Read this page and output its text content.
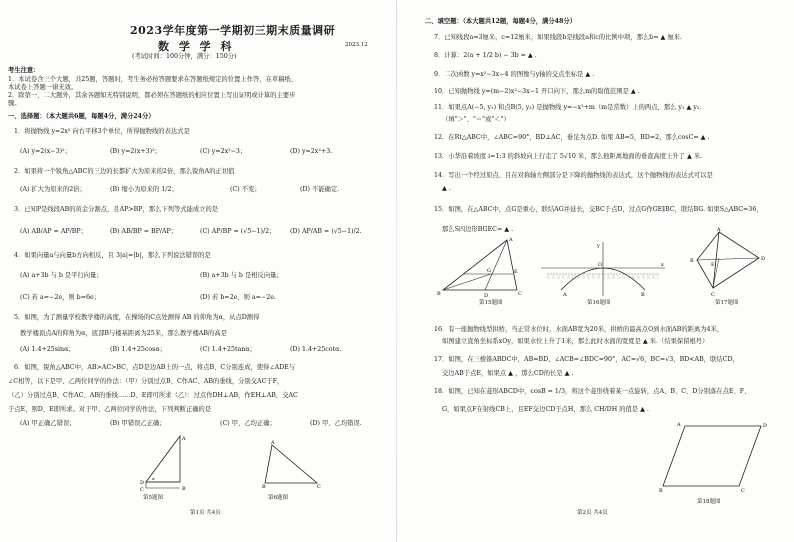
2023学年度第一学期初三期末质量调研
数 学 学 科	2023.12
(考试时间：100分钟，满分：150分)
考生注意：
1．本试卷含三个大题，共25题，答题时，考生务必按答题要求在答题纸规定的位置上作答，在草稿纸、
本试卷上答题一律无效。
2．除第一、二大题外，其余各题如无特别说明，都必须在答题纸的相应位置上写出证明或计算的主要步
骤。
一、选择题：（本大题共6题，每题4分，满分24分）
1．将抛物线 y=2x² 向右平移3个单位，所得抛物线的表达式是
(A) y=2(x−3)²；	(B) y=2(x+3)²；	(C) y=2x²−3；	(D) y=2x²+3.
2．如果将一个锐角△ABC的三边的长都扩大为原来的2倍，那么锐角A的正切值
(A) 扩大为原来的2倍；	(B) 缩小为原来的 1/2；	(C) 不变；	(D) 不能确定.
3．已知P是线段AB的黄金分割点，且AP>BP，那么下列等式能成立的是
(A) AB/AP = AP/BP；	(B) AB/BP = BP/AP；	(C) AP/BP = (√5−1)/2； (D) AP/AB = (√5−1)/2.
4．如果向量a与向量b方向相反，且 3|a|=|b|，那么下列说法错误的是
(A) a+3b 与 b 是平行向量；	(B) a+3b 与 b 是相反向量；
(C) 若 a=−2e，则 b=6e；	(D) 若 b=2e，则 a=−2e.
5．如图，为了测量学校教学楼的高度，在操场的C点处测得 AB 的仰角为α，从点D测得
教学楼顶点A的仰角为α，底部B与楼基距离为25米，那么教学楼AB的高是
(A) 1.4+25sinα；	(B) 1.4+25cosα；	(C) 1.4+25tanα；	(D) 1.4+25cotα.
6．如图，锐角△ABC中，AB>AC>BC，点D是边AB上的一点，将点B、C分别连成，使得∠ADE与
∠C相等，以下是甲、乙两位同学的作法：（甲）分别过点B、C作AC、AB的垂线，分别交AC于F，
（乙）分别过点B、C作AC、AB的垂线……D、E即可所求（乙）：过点作DH⊥AB，作EH⊥AB，交AC
于点E，则D、E即所求。对于甲、乙两位同学的作法，下列判断正确的是
(A) 甲正确乙错误；	(B) 甲错误乙正确；	(C) 甲、乙均正确；	(D) 甲、乙均错误.
A
B
D
C
α
第5题图
A
B	C
第6题图
第1页 共4页
二、填空题：（本大题共12题，每题4分，满分48分）
7．已知线段a=3厘米，c=12厘米，如果线段b是线段a和c的比例中项，那么b= ▲ 厘米.
8．计算：2(a + 1/2 b) − 3b = ▲ .
9．二次函数 y=x²−3x−4 的图像与y轴的交点坐标是 ▲ .
10．已知抛物线 y=(m−2)x²−3x−1 开口向下，那么m的取值范围是 ▲ .
11．如果点A(−5, y₁) 和点B(5, y₂) 是抛物线 y=−x²+m（m是常数）上的两点，那么 y₁ ▲ y₂.
（填"＞"、"＝"或"＜"）
12．在Rt△ABC中，∠ABC=90°，BD⊥AC，垂足为点D. 如果 AB=5，BD=2，那么cosC= ▲ .
13．小华沿着坡度 i=1:3 的斜坡向上行走了 5√10 米，那么他距离地面的垂直高度上升了 ▲ 米.
14．写出一个经过原点、且在对称轴左侧部分是下降的抛物线的表达式，这个抛物线的表达式可以是
▲ .
15．如图，在△ABC中，点G是重心，联结AG并延长，交BC于点D，过点G作GE∥BC，联结BG. 如果S△ABC=36，
那么S四边形BGEC= ▲ .
A
B	C
D
G	E
第15题图
y
x
O
A	B
第16题图
A
B
C
D
E
第17题图
16．有一座抛物线型拱桥，当正常水位时，水面AB宽为20米，拱桥的最高点O到水面AB的距离为4米，
如图建立直角坐标系xOy，如果水位上升了1米，那么此时水面的宽度是 ▲ 米.（结果保留根号）
17．如图，在三棱锥ABDC中，AB=BD，∠ACB=∠BDC=90°，AC=√6，BC=√3，BD<AB，联结CD，
交边AB于点E，如果点 ▲ ，那么CD的长是 ▲ .
18．如图，已知在菱形ABCD中，cosB = 1/3，将这个菱形绕着某一点旋转，点A、B、C、D分别落在点E、F、
G，如果点F在射线CB上，且EF交边CD于点H，那么 CH/DH 的值是 ▲ .
A	D
B	C
第18题图
第2页 共4页
